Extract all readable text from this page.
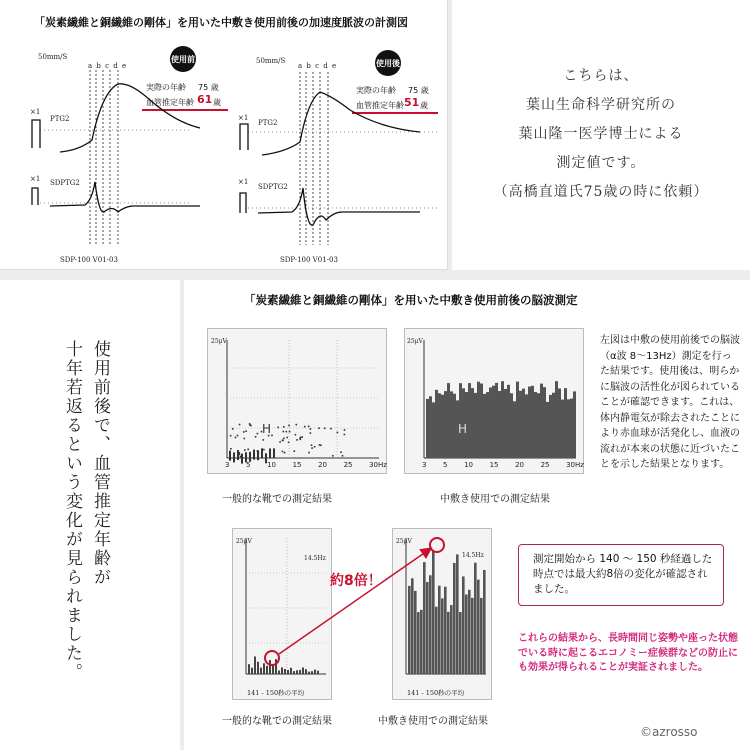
「炭素繊維と銅繊維の剛体」を用いた中敷き使用前後の加速度脈波の計測図
50mm/S
a b c d e
使用前
実際の年齢 75 歳
血管推定年齢 61 歳
×1
PTG2
×1 SDPTG2
SDP-100 V01-03
50mm/S
a b c d e	使用後
実際の年齢 75 歳
血管推定年齢 51 歳
×1
PTG2
×1
SDPTG2
SDP-100 V01-03
こちらは、
葉山生命科学研究所の
葉山隆一医学博士による
測定値です。
（高橋直道氏75歳の時に依頼）
使用前後で、血管推定年齢が
十年若返るという変化が見られました。
「炭素繊維と銅繊維の剛体」を用いた中敷き使用前後の脳波測定
25μV
H
一般的な靴での測定結果
3 5 10 15 20 25 30Hz
25μV
H
中敷き使用での測定結果
3 5 10 15 20 25 30Hz
左図は中敷の使用前後での脳波（α波 8～13Hz）測定を行った結果です。使用後は、明らかに脳波の活性化が図られていることが確認できます。これは、体内静電気が除去されたことにより赤血球が活発化し、血液の流れが本来の状態に近づいたことを示した結果となります。
25μV
14.5Hz
141 - 150秒の平均
一般的な靴での測定結果
25μV
14.5Hz
141 - 150秒の平均
中敷き使用での測定結果
約8倍！
測定開始から 140 ～ 150 秒経過した時点では最大約8倍の変化が確認されました。
これらの結果から、長時間同じ姿勢や座った状態でいる時に起こるエコノミー症候群などの防止にも効果が得られることが実証されました。
©azrosso
